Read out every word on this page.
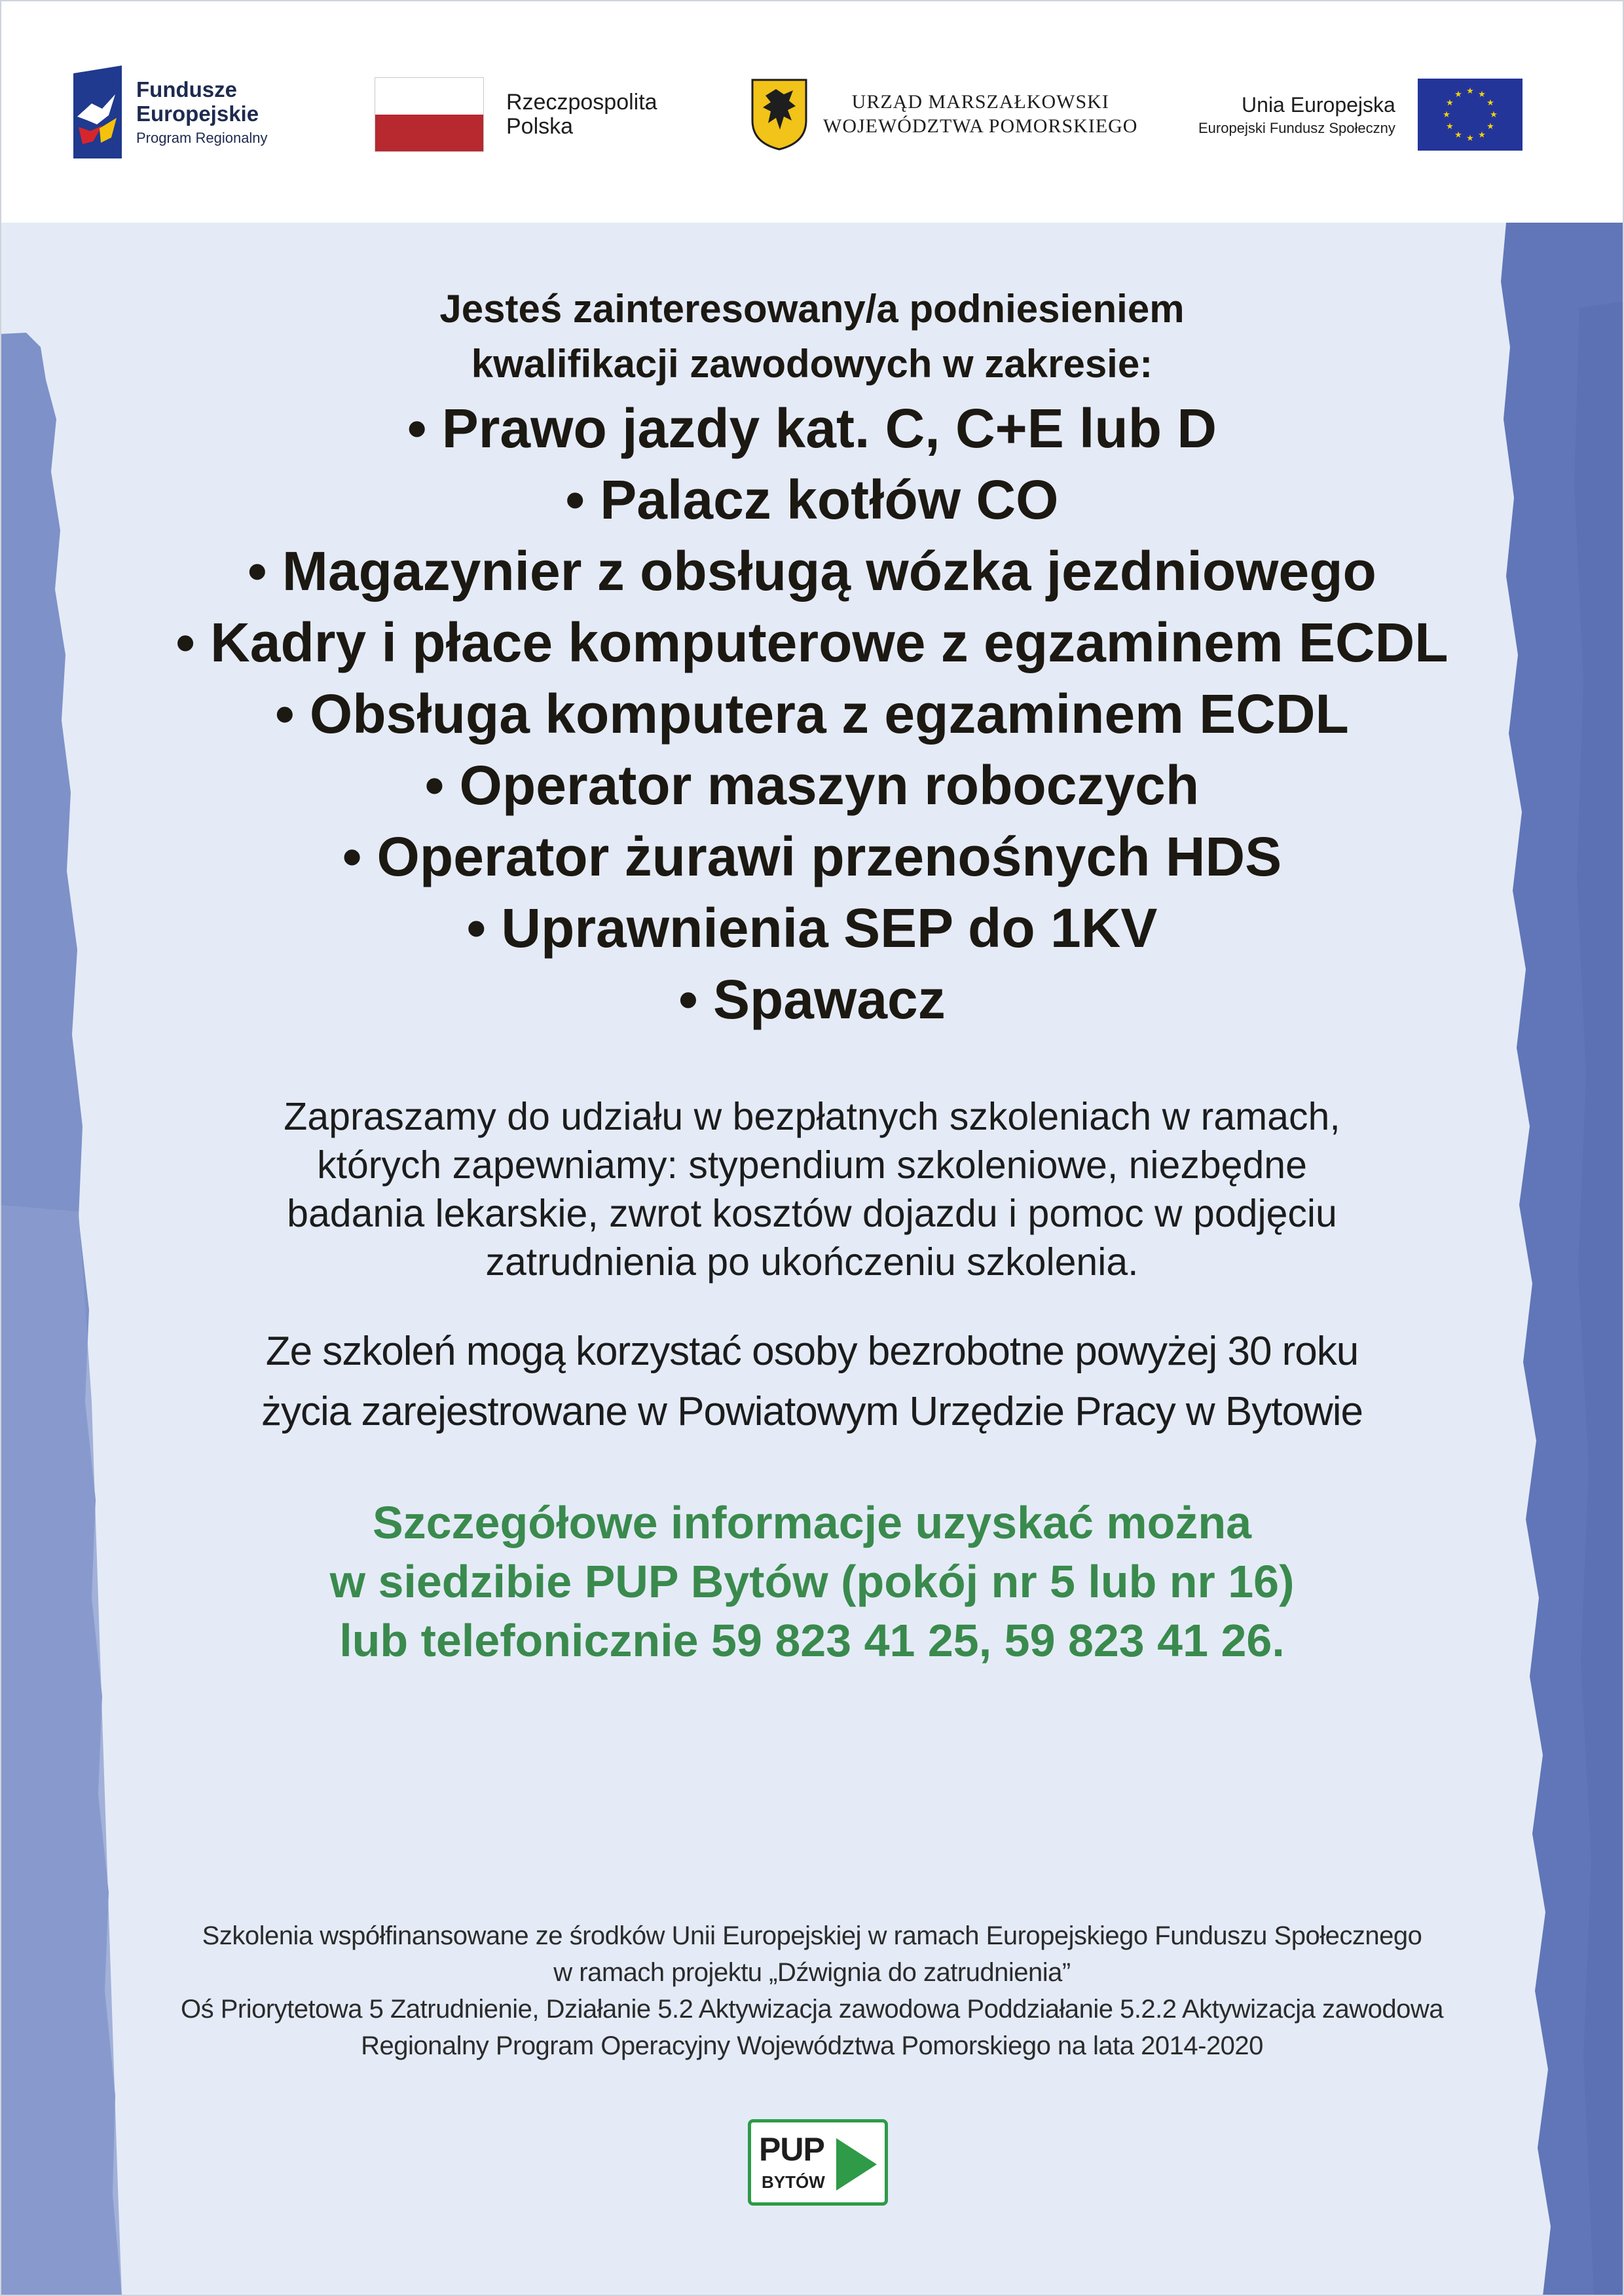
Fundusze
Europejskie
Program Regionalny
Rzeczpospolita
Polska
URZĄD MARSZAŁKOWSKI
WOJEWÓDZTWA POMORSKIEGO
Unia Europejska
Europejski Fundusz Społeczny
★ ★
★
★
★
★
★
★
★
★
★
★
Jesteś zainteresowany/a podniesieniem
kwalifikacji zawodowych w zakresie:
• Prawo jazdy kat. C, C+E lub D
• Palacz kotłów CO
• Magazynier z obsługą wózka jezdniowego
• Kadry i płace komputerowe z egzaminem ECDL
• Obsługa komputera z egzaminem ECDL
• Operator maszyn roboczych
• Operator żurawi przenośnych HDS
• Uprawnienia SEP do 1KV
• Spawacz
Zapraszamy do udziału w bezpłatnych szkoleniach w ramach,
których zapewniamy: stypendium szkoleniowe, niezbędne
badania lekarskie, zwrot kosztów dojazdu i pomoc w podjęciu
zatrudnienia po ukończeniu szkolenia.
Ze szkoleń mogą korzystać osoby bezrobotne powyżej 30 roku
życia zarejestrowane w Powiatowym Urzędzie Pracy w Bytowie
Szczegółowe informacje uzyskać można
w siedzibie PUP Bytów (pokój nr 5 lub nr 16)
lub telefonicznie 59 823 41 25, 59 823 41 26.
Szkolenia współfinansowane ze środków Unii Europejskiej w ramach Europejskiego Funduszu Społecznego
w ramach projektu „Dźwignia do zatrudnienia”
Oś Priorytetowa 5 Zatrudnienie, Działanie 5.2 Aktywizacja zawodowa Poddziałanie 5.2.2 Aktywizacja zawodowa
Regionalny Program Operacyjny Województwa Pomorskiego na lata 2014-2020
PUP
BYTÓW
